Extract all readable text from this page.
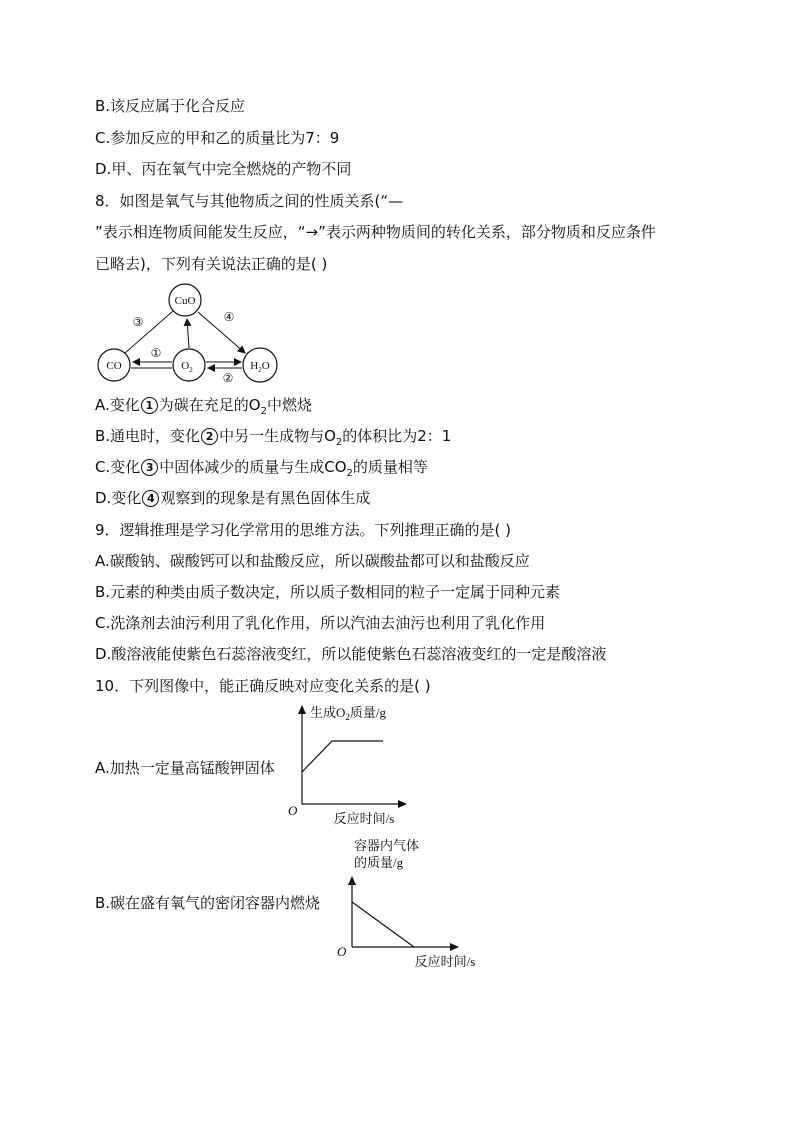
B.该反应属于化合反应
C.参加反应的甲和乙的质量比为7：9
D.甲、丙在氧气中完全燃烧的产物不同
8．如图是氧气与其他物质之间的性质关系(“—
”表示相连物质间能发生反应，“→”表示两种物质间的转化关系，部分物质和反应条件
已略去)，下列有关说法正确的是( )
CuO
CO	$O_2$	$H_2O$
③	④
①
②
A.变化 1 为碳在充足的$O_2$中燃烧
B.通电时，变化 2 中另一生成物与$O_2$的体积比为2：1
C.变化 3 中固体减少的质量与生成$CO_2$的质量相等
D.变化 4 观察到的现象是有黑色固体生成
9．逻辑推理是学习化学常用的思维方法。下列推理正确的是( )
A.碳酸钠、碳酸钙可以和盐酸反应，所以碳酸盐都可以和盐酸反应
B.元素的种类由质子数决定，所以质子数相同的粒子一定属于同种元素
C.洗涤剂去油污利用了乳化作用，所以汽油去油污也利用了乳化作用
D.酸溶液能使紫色石蕊溶液变红，所以能使紫色石蕊溶液变红的一定是酸溶液
10．下列图像中，能正确反映对应变化关系的是( )
A.加热一定量高锰酸钾固体
生成$O_2$质量/g
反应时间/s
O
B.碳在盛有氧气的密闭容器内燃烧
容器内气体
的质量/g
反应时间/s
O
